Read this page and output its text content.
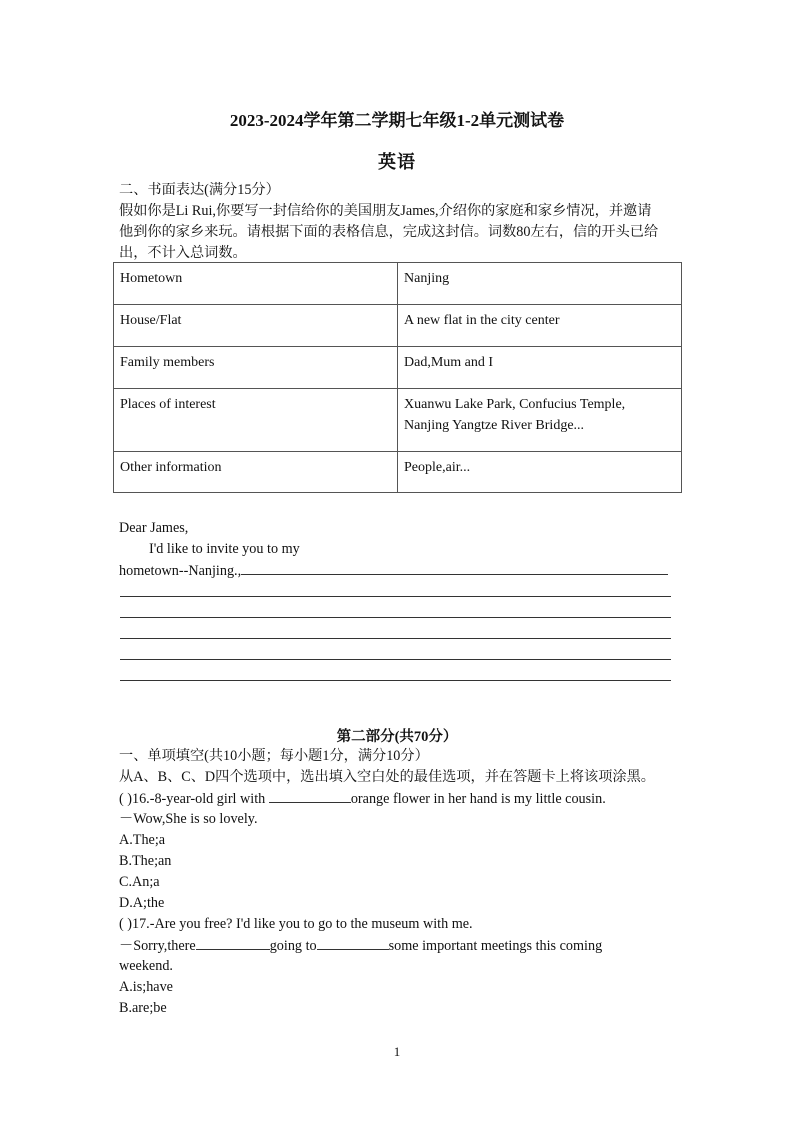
2023-2024学年第二学期七年级1-2单元测试卷
英语
二、书面表达(满分15分）
假如你是Li Rui,你要写一封信给你的美国朋友James,介绍你的家庭和家乡情况，并邀请
他到你的家乡来玩。请根据下面的表格信息，完成这封信。词数80左右，信的开头已给
出，不计入总词数。
Hometown	Nanjing
House/Flat	A new flat in the city center
Family members	Dad,Mum and I
Places of interest	Xuanwu Lake Park, Confucius Temple,
Nanjing Yangtze River Bridge...

Other information	People,air...
Dear James,
I'd like to invite you to my
hometown--Nanjing.,
第二部分(共70分）
一、单项填空(共10小题；每小题1分，满分10分）
从A、B、C、D四个选项中，选出填入空白处的最佳选项，并在答题卡上将该项涂黑。
( )16.-8-year-old girl with	orange flower in her hand is my little cousin.
－Wow,She is so lovely.
A.The;a
B.The;an
C.An;a
D.A;the
( )17.-Are you free? I'd like you to go to the museum with me.
－Sorry,there	going to	some important meetings this coming
weekend.
A.is;have
B.are;be
1
